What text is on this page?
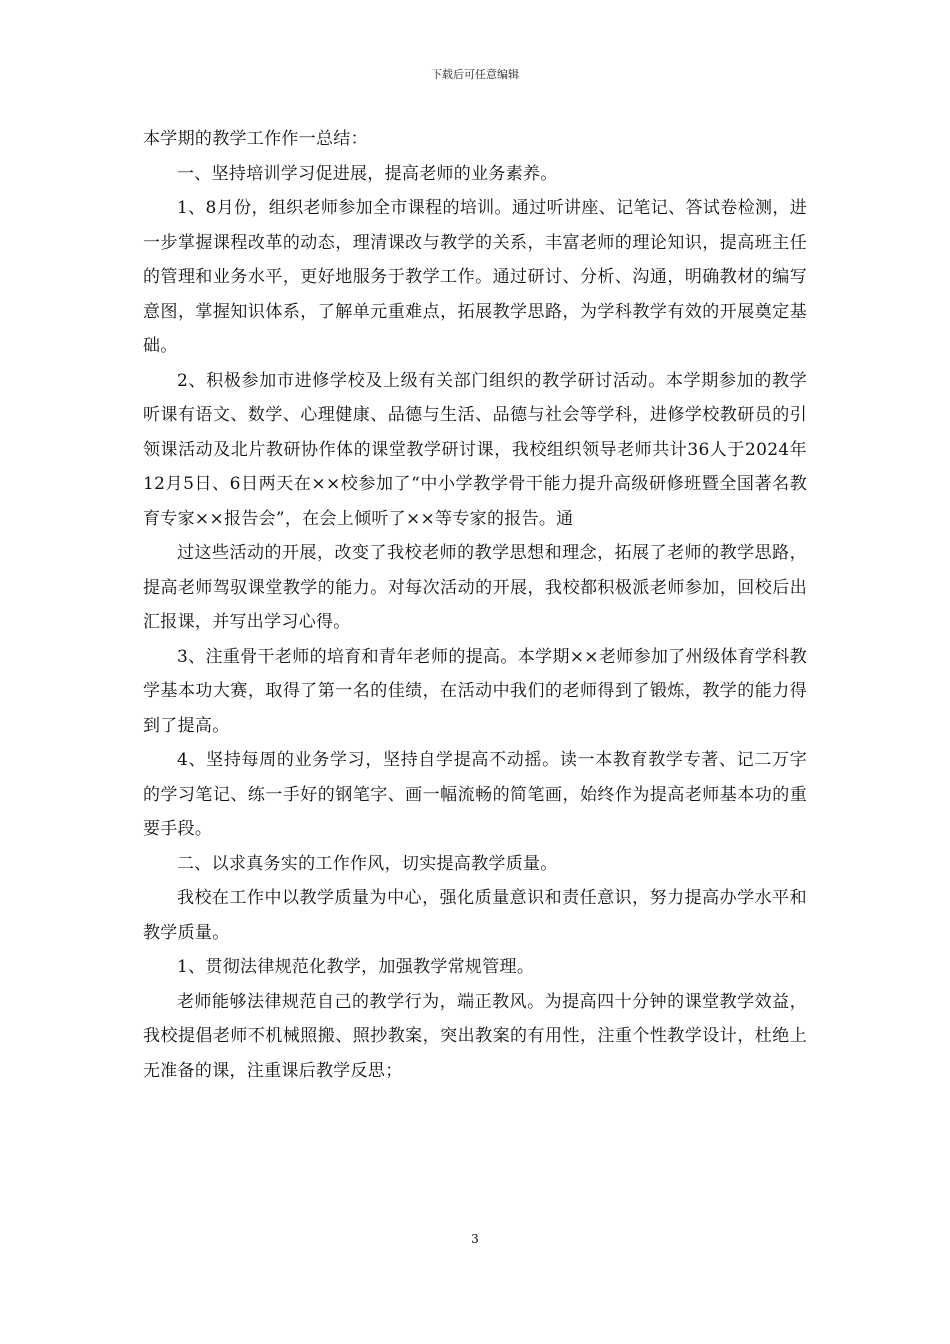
下载后可任意编辑

本学期的教学工作作一总结：

一、坚持培训学习促进展，提高老师的业务素养。

1、8月份，组织老师参加全市课程的培训。通过听讲座、记笔记、答试卷检测，进一步掌握课程改革的动态，理清课改与教学的关系，丰富老师的理论知识，提高班主任的管理和业务水平，更好地服务于教学工作。通过研讨、分析、沟通，明确教材的编写意图，掌握知识体系，了解单元重难点，拓展教学思路，为学科教学有效的开展奠定基础。

2、积极参加市进修学校及上级有关部门组织的教学研讨活动。本学期参加的教学听课有语文、数学、心理健康、品德与生活、品德与社会等学科，进修学校教研员的引领课活动及北片教研协作体的课堂教学研讨课，我校组织领导老师共计36人于2024年12月5日、6日两天在××校参加了“中小学教学骨干能力提升高级研修班暨全国著名教育专家××报告会”，在会上倾听了××等专家的报告。通

过这些活动的开展，改变了我校老师的教学思想和理念，拓展了老师的教学思路，提高老师驾驭课堂教学的能力。对每次活动的开展，我校都积极派老师参加，回校后出汇报课，并写出学习心得。

3、注重骨干老师的培育和青年老师的提高。本学期××老师参加了州级体育学科教学基本功大赛，取得了第一名的佳绩，在活动中我们的老师得到了锻炼，教学的能力得到了提高。

4、坚持每周的业务学习，坚持自学提高不动摇。读一本教育教学专著、记二万字的学习笔记、练一手好的钢笔字、画一幅流畅的简笔画，始终作为提高老师基本功的重要手段。

二、以求真务实的工作作风，切实提高教学质量。

我校在工作中以教学质量为中心，强化质量意识和责任意识，努力提高办学水平和教学质量。

1、贯彻法律规范化教学，加强教学常规管理。

老师能够法律规范自己的教学行为，端正教风。为提高四十分钟的课堂教学效益，我校提倡老师不机械照搬、照抄教案，突出教案的有用性，注重个性教学设计，杜绝上无准备的课，注重课后教学反思；

3
